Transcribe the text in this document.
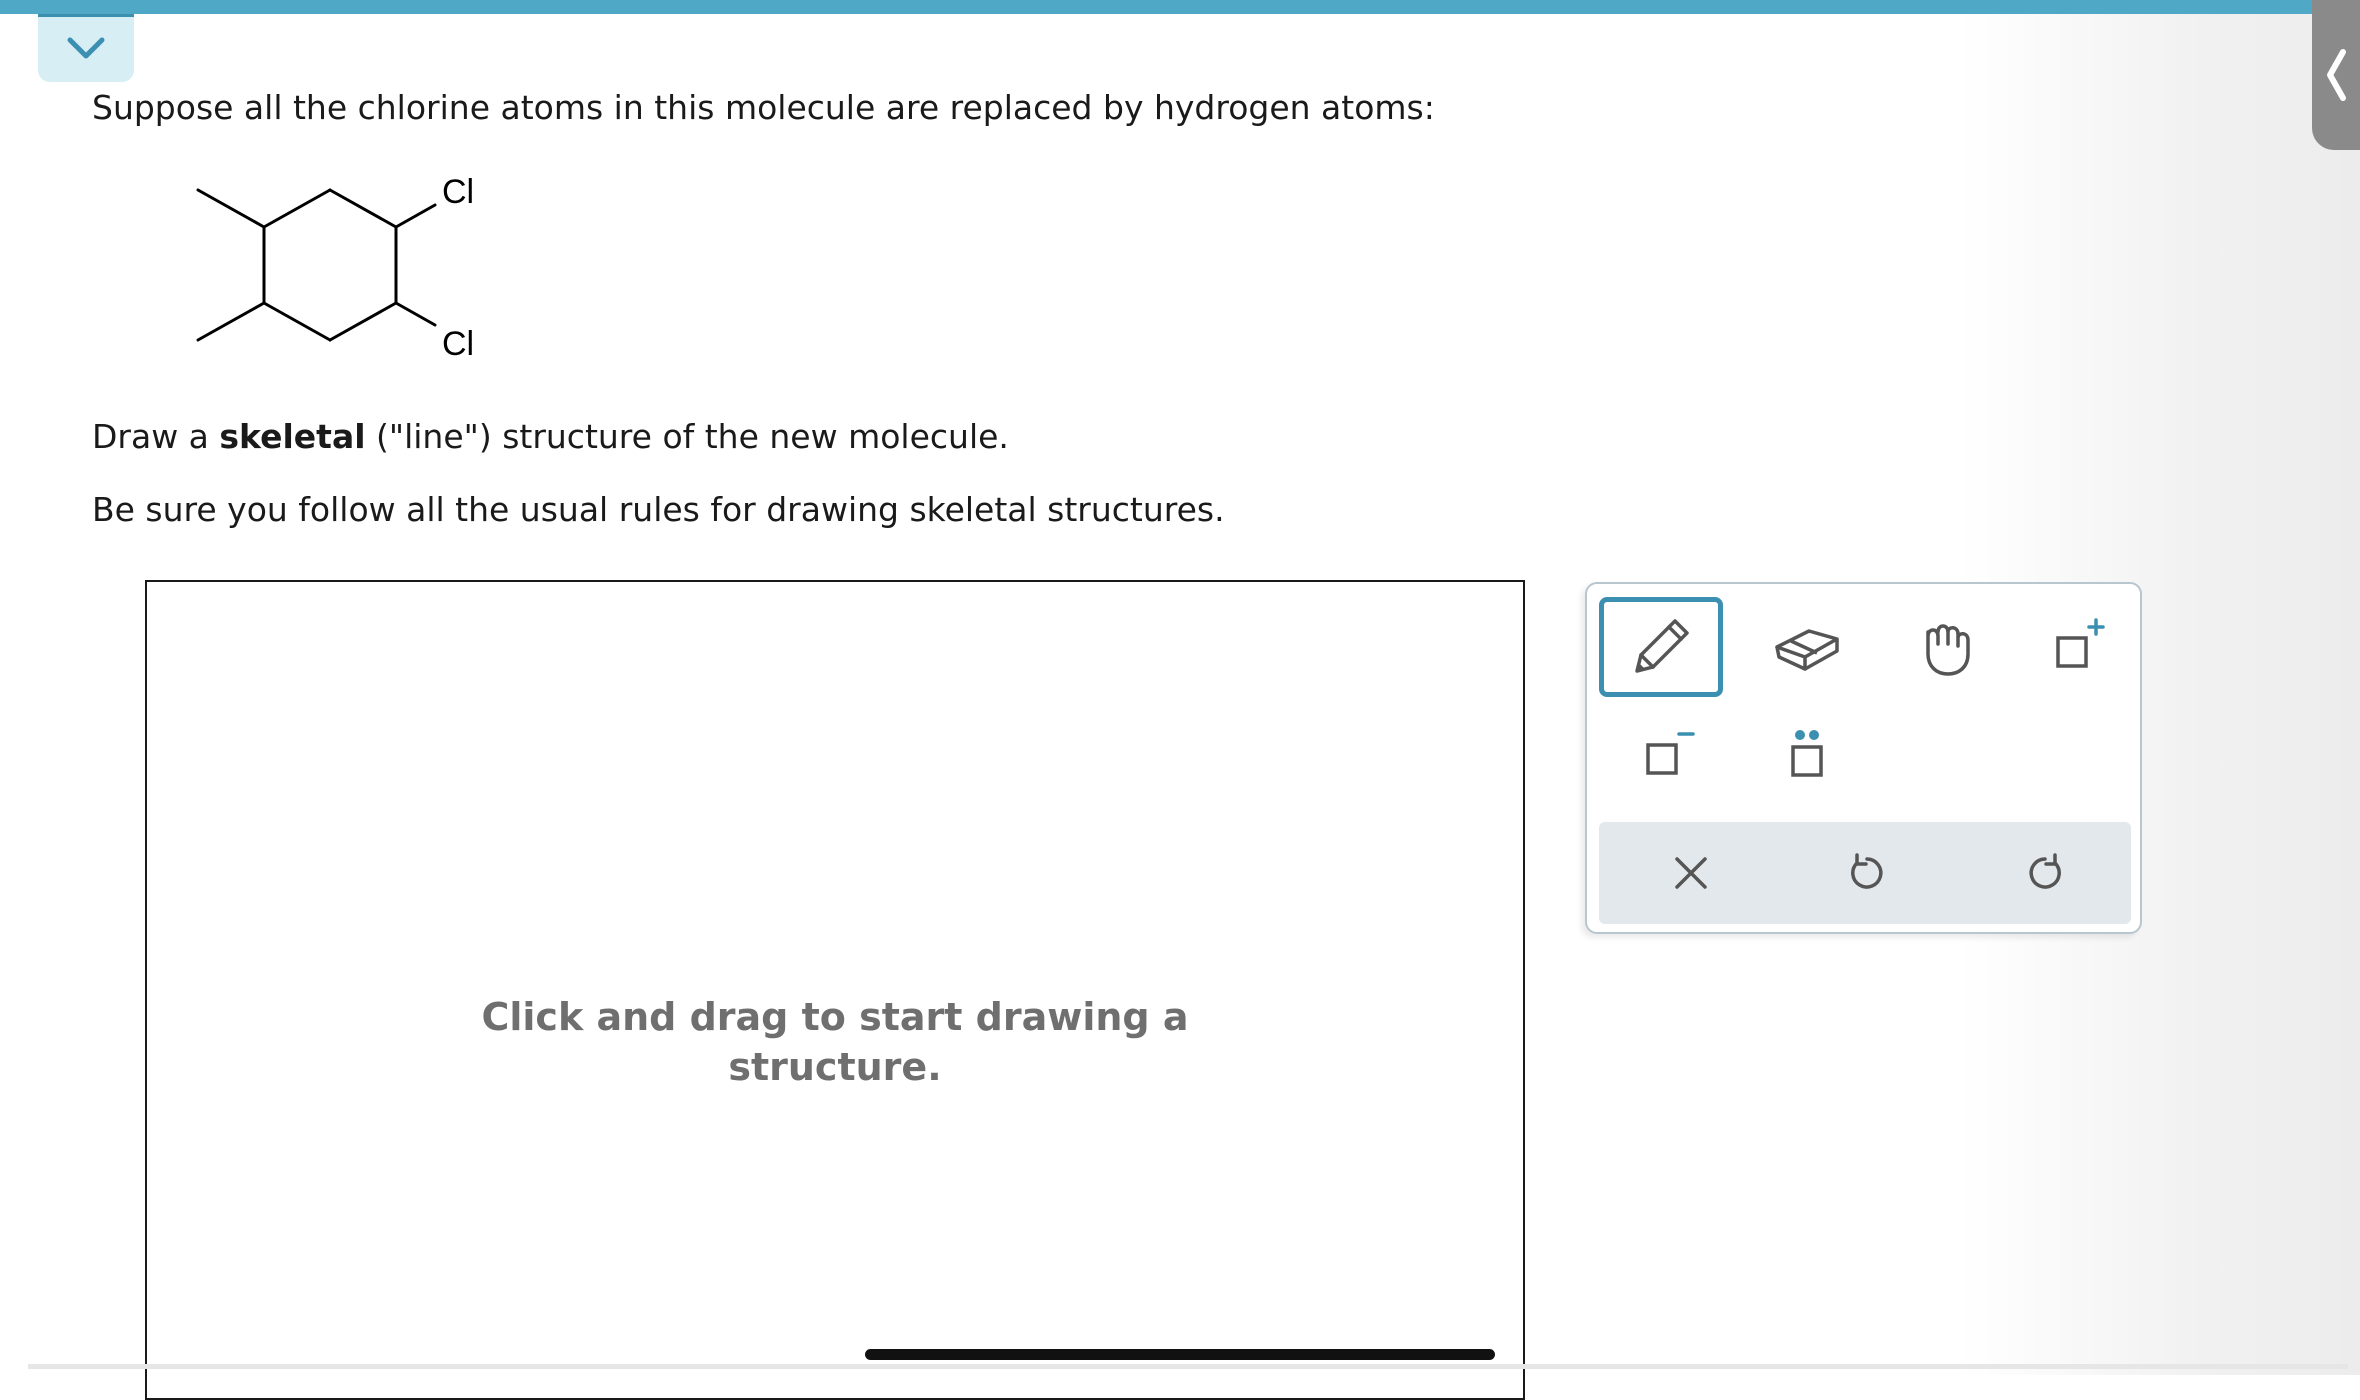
Suppose all the chlorine atoms in this molecule are replaced by hydrogen atoms:

Cl
Cl

Draw a skeletal ("line") structure of the new molecule.

Be sure you follow all the usual rules for drawing skeletal structures.

Click and drag to start drawing a
structure.
